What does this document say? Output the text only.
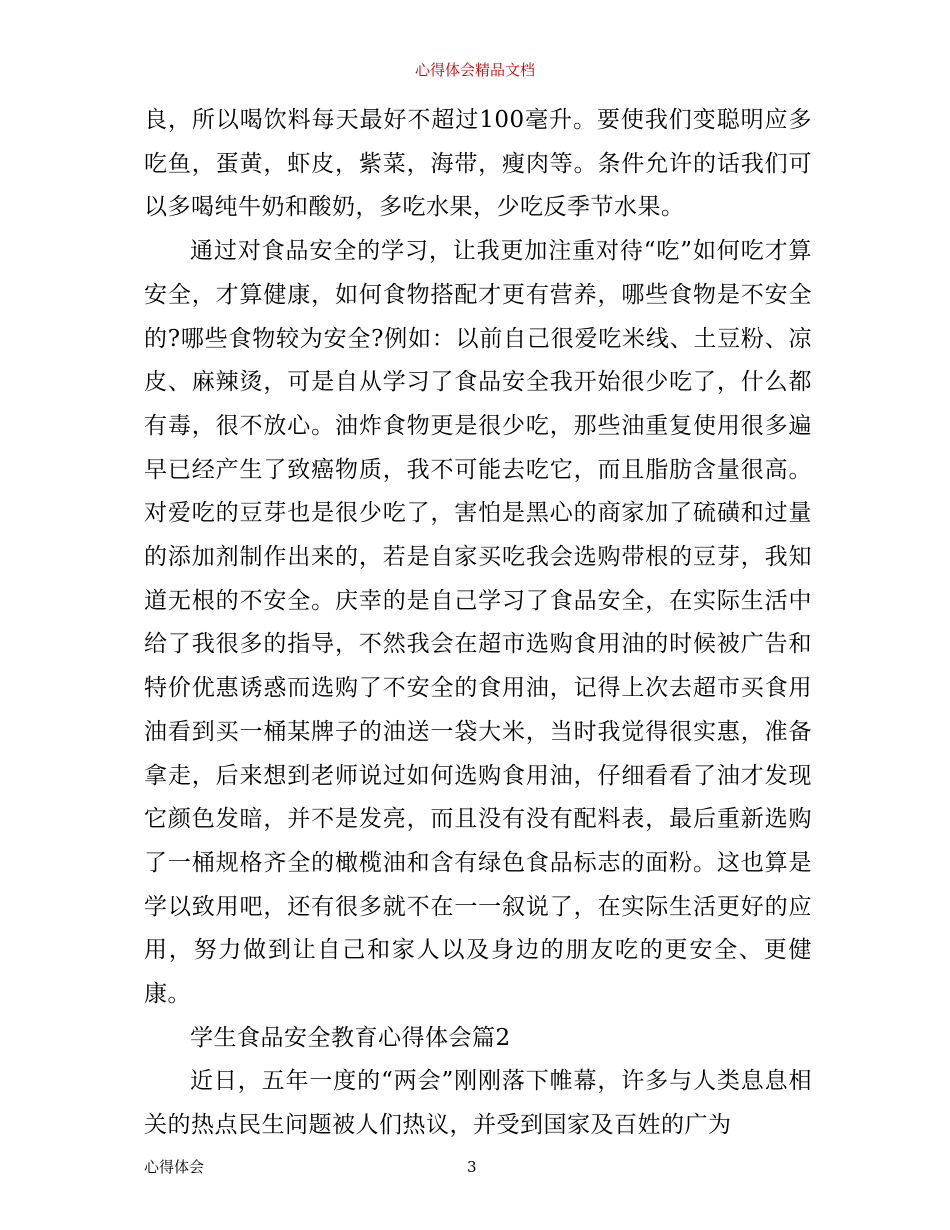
心得体会精品文档

良，所以喝饮料每天最好不超过100毫升。要使我们变聪明应多吃鱼，蛋黄，虾皮，紫菜，海带，瘦肉等。条件允许的话我们可以多喝纯牛奶和酸奶，多吃水果，少吃反季节水果。

通过对食品安全的学习，让我更加注重对待“吃”如何吃才算安全，才算健康，如何食物搭配才更有营养，哪些食物是不安全的?哪些食物较为安全?例如：以前自己很爱吃米线、土豆粉、凉皮、麻辣烫，可是自从学习了食品安全我开始很少吃了，什么都有毒，很不放心。油炸食物更是很少吃，那些油重复使用很多遍早已经产生了致癌物质，我不可能去吃它，而且脂肪含量很高。对爱吃的豆芽也是很少吃了，害怕是黑心的商家加了硫磺和过量的添加剂制作出来的，若是自家买吃我会选购带根的豆芽，我知道无根的不安全。庆幸的是自己学习了食品安全，在实际生活中给了我很多的指导，不然我会在超市选购食用油的时候被广告和特价优惠诱惑而选购了不安全的食用油，记得上次去超市买食用油看到买一桶某牌子的油送一袋大米，当时我觉得很实惠，准备拿走，后来想到老师说过如何选购食用油，仔细看看了油才发现它颜色发暗，并不是发亮，而且没有没有配料表，最后重新选购了一桶规格齐全的橄榄油和含有绿色食品标志的面粉。这也算是学以致用吧，还有很多就不在一一叙说了，在实际生活更好的应用，努力做到让自己和家人以及身边的朋友吃的更安全、更健康。

学生食品安全教育心得体会篇2

近日，五年一度的“两会”刚刚落下帷幕，许多与人类息息相关的热点民生问题被人们热议，并受到国家及百姓的广为

心得体会	3
